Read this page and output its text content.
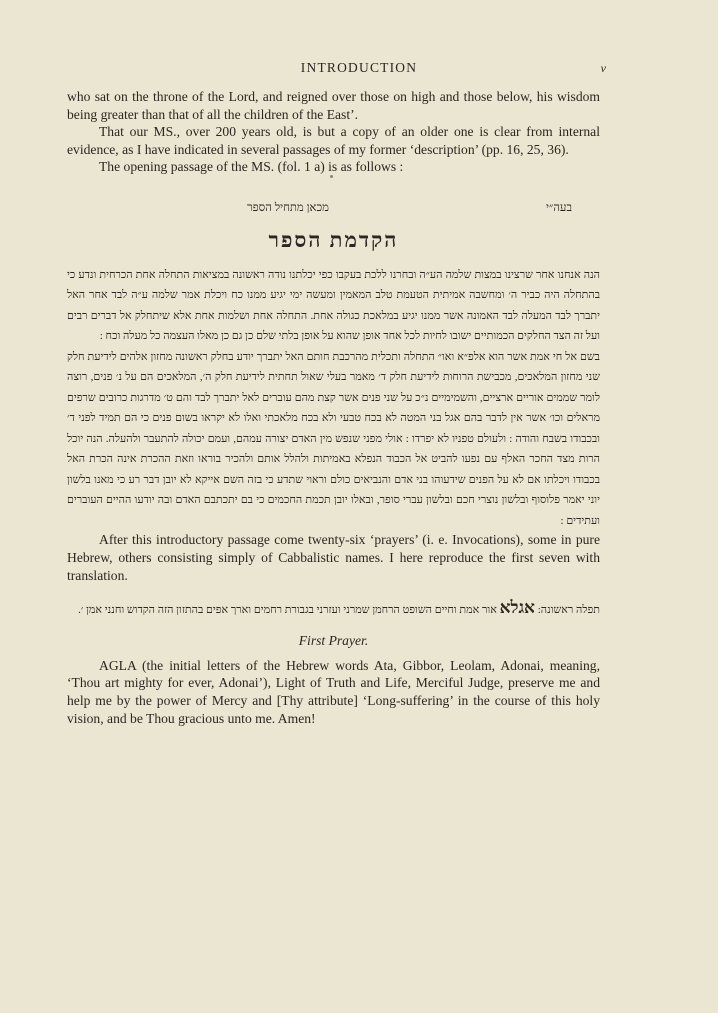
INTRODUCTION	v

who sat on the throne of the Lord, and reigned over those on high and those below, his wisdom being greater than that of all the children of the East’.

That our MS., over 200 years old, is but a copy of an older one is clear from internal evidence, as I have indicated in several passages of my former ‘description’ (pp. 16, 25, 36).

The opening passage of the MS. (fol. 1 a) is as follows :

בעה״י
מכאן מתחיל הספר
הקדמת הספר

הנה אנחנו אחר שרצינו במצות שלמה הע״ה ובחרנו ללכת בעקבו כפי יכלתנו נודה ראשונה במציאות התחלה אחת הכרחית ונדע כי בהתחלה היה כביר ה׳ ומחשבה אמיתית הטעמת טלב המאמין ומעשה ימי יגיע ממנו כח ויכלת אמר שלמה ע״ה לבד אחר האל יתברך לבד המעלה לבד האמונה אשר ממנו יגיע במלאכת כגולה אחת. התחלה אחת ושלמות אחת אלא שיתחלק אל דברים רבים ועל זה הצד החלקים הכמותיים ישובו לחיות לכל אחד אופן שהוא על אופן בלתי שלם כן גם כן מאלו העצמה כל מעלה וכח :

בשם אל חי אמת אשר הוא אלפ״א ואו״ התחלה ותכלית מהרכבת חותם האל יתברך יודע בחלק ראשונה מחזון אלהים לידיעת חלק שני מחזון המלאכים, מכבישת הרוחות לידיעת חלק ד׳ מאמר בעלי שאול תחתית לידיעת חלק ה׳, המלאכים הם על נ׳ פנים, רוצה לומר שממים אוריים ארציים, והשמימיים נ״כ על שני פנים אשר קצת מהם עוברים לאל יתברך לבד והם ט׳ מדרגות כרובים שרפים מראלים וכו׳ אשר אין לדבר בהם אגל בני המטה לא בכח טבעי ולא בכח מלאכתי ואלו לא יקראו בשום פנים כי הם תמיד לפני ד׳ ובכבודו בשבח והודה : ולעולם טפניו לא יפרדו : אולי מפני שנפש מין האדם יצורה עמהם, ועמם יכולה להתעבר ולהעלה. הנה יוכל הרות מצד החכר האלף עם נפעו להביט אל הכבוד הנפלא באמיתות ולהלל אותם ולהכיר בוראו וזאת ההכרת אינה הכרת האל בכבודו ויכלתו אם לא על הפנים שידעוהו בני אדם והנביאים כולם וראוי שתדע כי בזה השם אייקא לא יובן דבר רע כי מאנו בלשון יוני יאמר פלוסוף ובלשון נוצרי חכם ובלשון עברי סופר, ובאלו יובן תכמת החכמים כי בם יתכתבם האדם ובה יודעו ההיים העוברים ועתידים :

After this introductory passage come twenty-six ‘prayers’ (i. e. Invocations), some in pure Hebrew, others consisting simply of Cabbalistic names. I here reproduce the first seven with translation.

תפלה ראשונה: אגלא אור אמת וחיים השופט הרחמן שמרני ועזרני בגבורת רחמים וארך אפים בהתזון הזה הקדוש וחנני אמן ׳.
First Prayer.

AGLA (the initial letters of the Hebrew words Ata, Gibbor, Leolam, Adonai, meaning, ‘Thou art mighty for ever, Adonai’), Light of Truth and Life, Merciful Judge, preserve me and help me by the power of Mercy and [Thy attribute] ‘Long-suffering’ in the course of this holy vision, and be Thou gracious unto me. Amen!
